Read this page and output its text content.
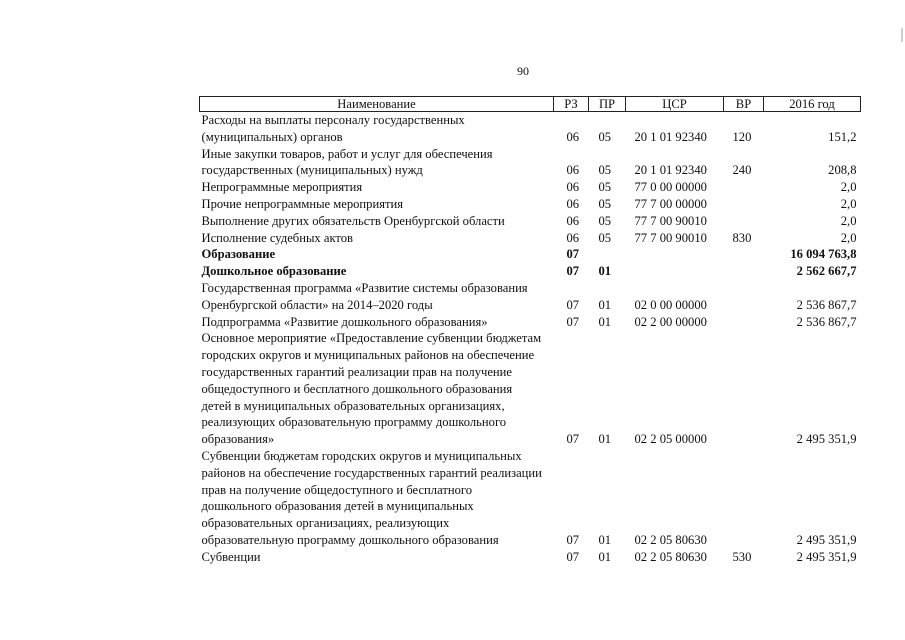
90
Наименование	РЗ	ПР	ЦСР	ВР	2016 год
Расходы на выплаты персоналу государственных (муниципальных) органов	06	05	20 1 01 92340	120	151,2
Иные закупки товаров, работ и услуг для обеспечения государственных (муниципальных) нужд	06	05	20 1 01 92340	240	208,8
Непрограммные мероприятия	06	05	77 0 00 00000		2,0
Прочие непрограммные мероприятия	06	05	77 7 00 00000		2,0
Выполнение других обязательств Оренбургской области	06	05	77 7 00 90010		2,0
Исполнение судебных актов	06	05	77 7 00 90010	830	2,0
Образование	07				16 094 763,8
Дошкольное образование	07	01			2 562 667,7
Государственная программа «Развитие системы образования Оренбургской области» на 2014–2020 годы	07	01	02 0 00 00000		2 536 867,7
Подпрограмма «Развитие дошкольного образования»	07	01	02 2 00 00000		2 536 867,7
Основное мероприятие «Предоставление субвенции бюджетам городских округов и муниципальных районов на обеспечение государственных гарантий реализации прав на получение общедоступного и бесплатного дошкольного образования детей в муниципальных образовательных организациях, реализующих образовательную программу дошкольного образования»	07	01	02 2 05 00000		2 495 351,9
Субвенции бюджетам городских округов и муниципальных районов на обеспечение государственных гарантий реализации прав на получение общедоступного и бесплатного дошкольного образования детей в муниципальных образовательных организациях, реализующих образовательную программу дошкольного образования	07	01	02 2 05 80630		2 495 351,9
Субвенции	07	01	02 2 05 80630	530	2 495 351,9
